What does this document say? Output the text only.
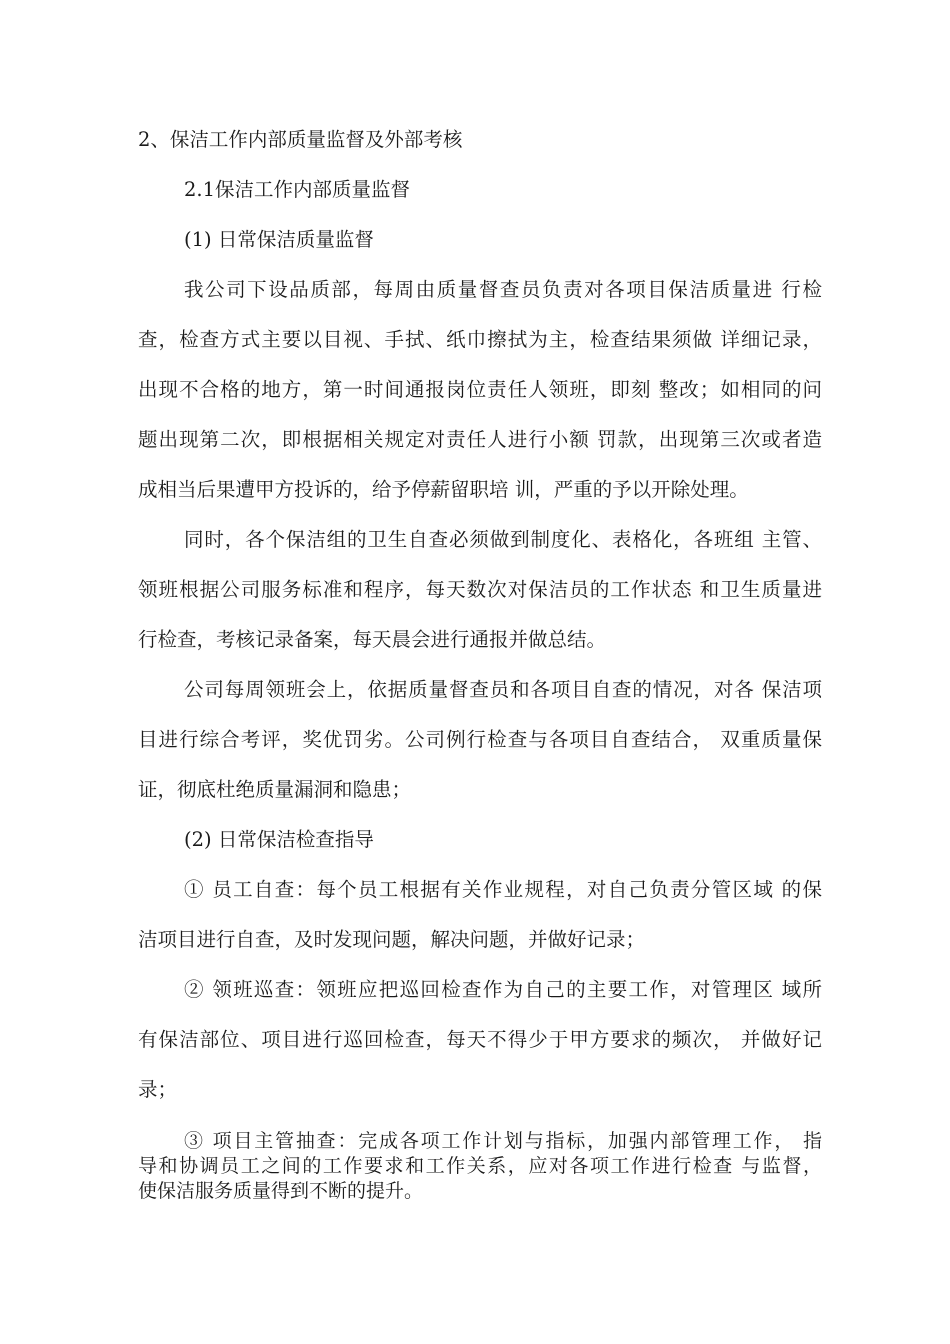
2、保洁工作内部质量监督及外部考核
2.1保洁工作内部质量监督
(1) 日常保洁质量监督
我公司下设品质部，每周由质量督查员负责对各项目保洁质量进 行检
查，检查方式主要以目视、手拭、纸巾擦拭为主，检查结果须做 详细记录，
出现不合格的地方，第一时间通报岗位责任人领班，即刻 整改；如相同的问
题出现第二次，即根据相关规定对责任人进行小额 罚款，出现第三次或者造
成相当后果遭甲方投诉的，给予停薪留职培 训，严重的予以开除处理。
同时，各个保洁组的卫生自查必须做到制度化、表格化，各班组 主管、
领班根据公司服务标准和程序，每天数次对保洁员的工作状态 和卫生质量进
行检查，考核记录备案，每天晨会进行通报并做总结。
公司每周领班会上，依据质量督查员和各项目自查的情况，对各 保洁项
目进行综合考评，奖优罚劣。公司例行检查与各项目自查结合， 双重质量保
证，彻底杜绝质量漏洞和隐患；
(2) 日常保洁检查指导
① 员工自查：每个员工根据有关作业规程，对自己负责分管区域 的保
洁项目进行自查，及时发现问题，解决问题，并做好记录；
② 领班巡查：领班应把巡回检查作为自己的主要工作，对管理区 域所
有保洁部位、项目进行巡回检查，每天不得少于甲方要求的频次， 并做好记
录；
③ 项目主管抽查：完成各项工作计划与指标，加强内部管理工作， 指
导和协调员工之间的工作要求和工作关系，应对各项工作进行检查 与监督，
使保洁服务质量得到不断的提升。
